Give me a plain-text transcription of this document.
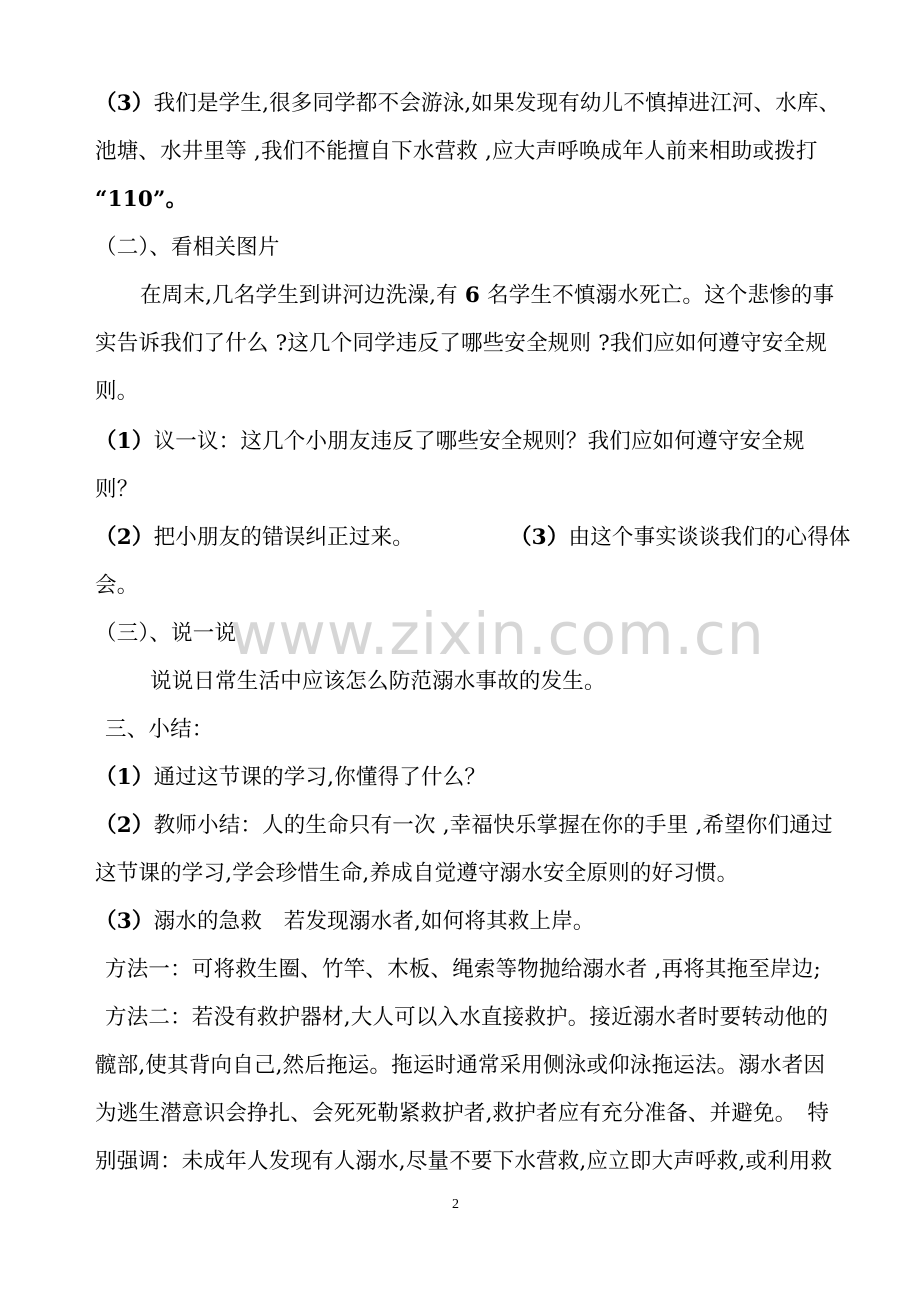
（3）我们是学生,很多同学都不会游泳,如果发现有幼儿不慎掉进江河、水库、
池塘、水井里等 ,我们不能擅自下水营救 ,应大声呼唤成年人前来相助或拨打
“110”。
（二）、看相关图片
在周末,几名学生到讲河边洗澡,有 6 名学生不慎溺水死亡。这个悲惨的事
实告诉我们了什么 ?这几个同学违反了哪些安全规则 ?我们应如何遵守安全规
则。
（1）议一议：这几个小朋友违反了哪些安全规则？我们应如何遵守安全规
则？
（2）把小朋友的错误纠正过来。	（3）由这个事实谈谈我们的心得体
会。
（三）、说一说
说说日常生活中应该怎么防范溺水事故的发生。
三、小结：
（1）通过这节课的学习,你懂得了什么？
（2）教师小结：人的生命只有一次 ,幸福快乐掌握在你的手里 ,希望你们通过
这节课的学习,学会珍惜生命,养成自觉遵守溺水安全原则的好习惯。
（3）溺水的急救　若发现溺水者,如何将其救上岸。
方法一：可将救生圈、竹竿、木板、绳索等物抛给溺水者 ,再将其拖至岸边;
方法二：若没有救护器材,大人可以入水直接救护。接近溺水者时要转动他的
髋部,使其背向自己,然后拖运。拖运时通常采用侧泳或仰泳拖运法。溺水者因
为逃生潜意识会挣扎、会死死勒紧救护者,救护者应有充分准备、并避免。　特
别强调：未成年人发现有人溺水,尽量不要下水营救,应立即大声呼救,或利用救
www.zixin.com.cn
2
